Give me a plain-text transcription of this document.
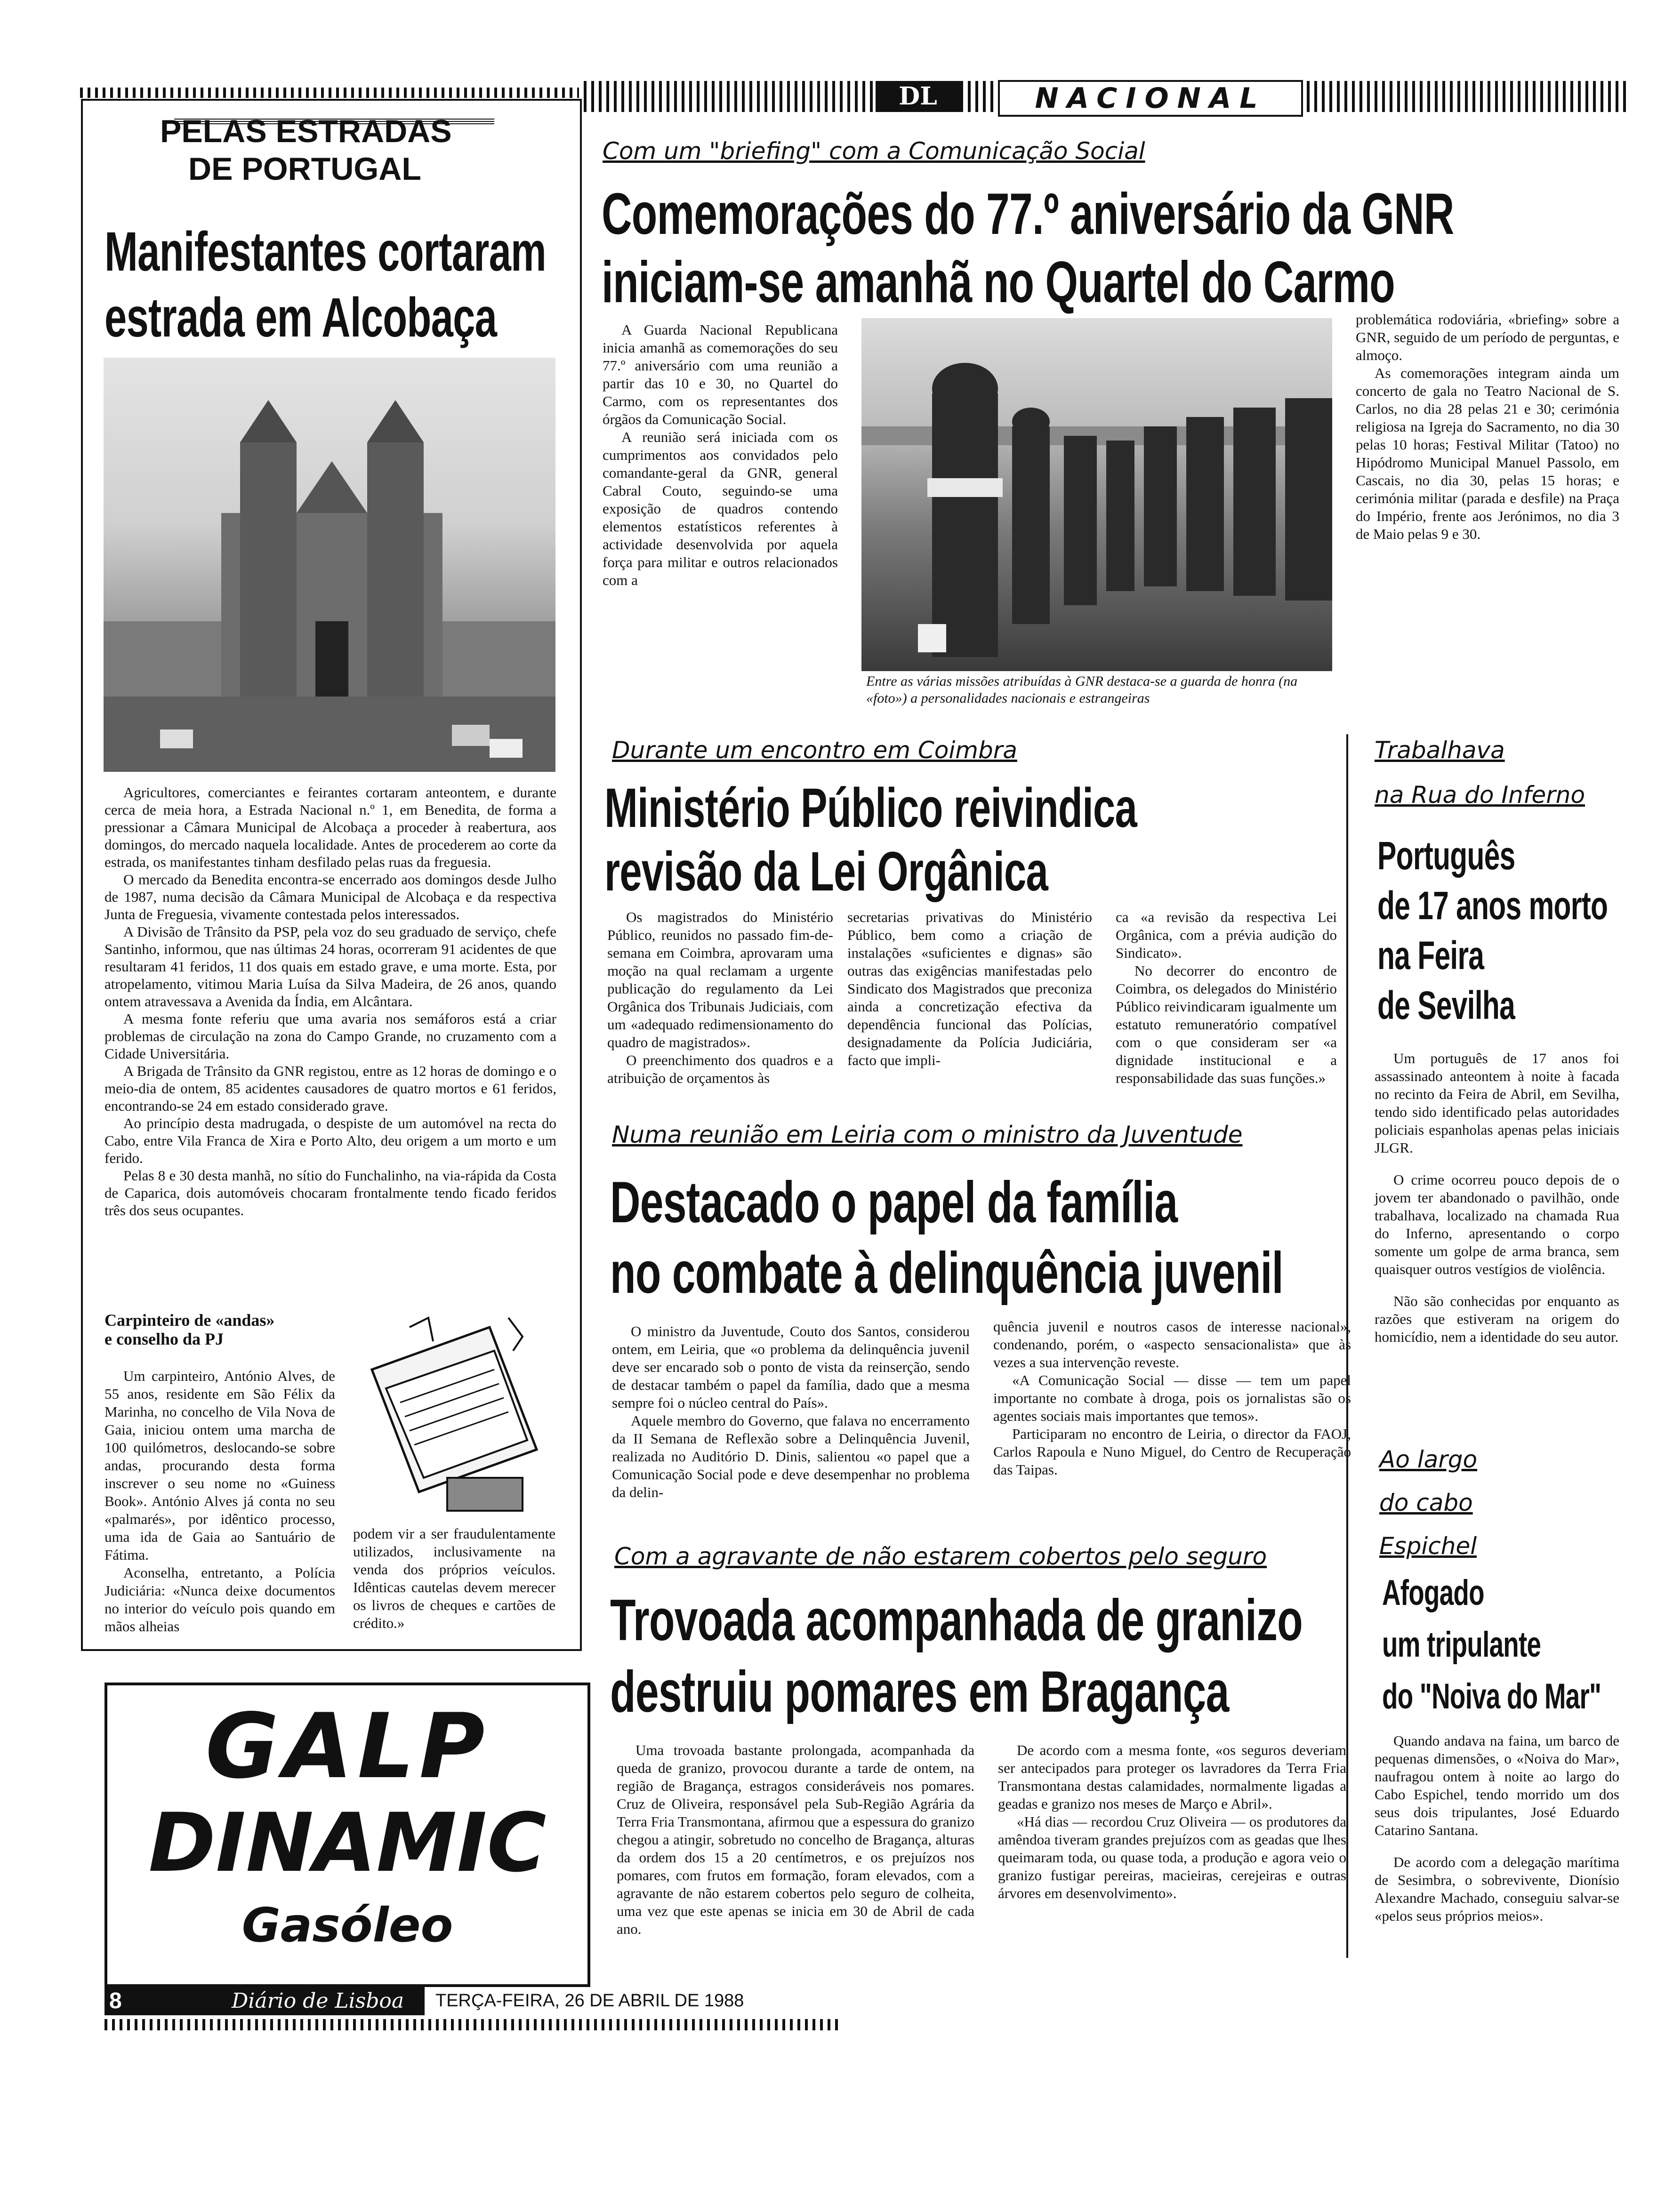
DL	NACIONAL
PELAS ESTRADAS
DE PORTUGAL
Manifestantes cortaram
estrada em Alcobaça

Agricultores, comerciantes e feirantes cortaram anteontem, e durante cerca de meia hora, a Estrada Nacional n.º 1, em Benedita, de forma a pressionar a Câmara Municipal de Alcobaça a proceder à reabertura, aos domingos, do mercado naquela localidade. Antes de procederem ao corte da estrada, os manifestantes tinham desfilado pelas ruas da freguesia.

O mercado da Benedita encontra-se encerrado aos domingos desde Julho de 1987, numa decisão da Câmara Municipal de Alcobaça e da respectiva Junta de Freguesia, vivamente contestada pelos interessados.

A Divisão de Trânsito da PSP, pela voz do seu graduado de serviço, chefe Santinho, informou, que nas últimas 24 horas, ocorreram 91 acidentes de que resultaram 41 feridos, 11 dos quais em estado grave, e uma morte. Esta, por atropelamento, vitimou Maria Luísa da Silva Madeira, de 26 anos, quando ontem atravessava a Avenida da Índia, em Alcântara.

A mesma fonte referiu que uma avaria nos semáforos está a criar problemas de circulação na zona do Campo Grande, no cruzamento com a Cidade Universitária.

A Brigada de Trânsito da GNR registou, entre as 12 horas de domingo e o meio-dia de ontem, 85 acidentes causadores de quatro mortos e 61 feridos, encontrando-se 24 em estado considerado grave.

Ao princípio desta madrugada, o despiste de um automóvel na recta do Cabo, entre Vila Franca de Xira e Porto Alto, deu origem a um morto e um ferido.

Pelas 8 e 30 desta manhã, no sítio do Funchalinho, na via-rápida da Costa de Caparica, dois automóveis chocaram frontalmente tendo ficado feridos três dos seus ocupantes.

Carpinteiro de «andas»
e conselho da PJ

Um carpinteiro, António Alves, de 55 anos, residente em São Félix da Marinha, no concelho de Vila Nova de Gaia, iniciou ontem uma marcha de 100 quilómetros, deslocando-se sobre andas, procurando desta forma inscrever o seu nome no «Guiness Book». António Alves já conta no seu «palmarés», por idêntico processo, uma ida de Gaia ao Santuário de Fátima.

Aconselha, entretanto, a Polícia Judiciária: «Nunca deixe documentos no interior do veículo pois quando em mãos alheias

podem vir a ser fraudulentamente utilizados, inclusivamente na venda dos próprios veículos. Idênticas cautelas devem merecer os livros de cheques e cartões de crédito.»

GALP
DINAMIC
Gasóleo
8	Diário de Lisboa TERÇA-FEIRA, 26 DE ABRIL DE 1988
Com um "briefing" com a Comunicação Social
Comemorações do 77.º aniversário da GNR
iniciam-se amanhã no Quartel do Carmo

A Guarda Nacional Republicana inicia amanhã as comemorações do seu 77.º aniversário com uma reunião a partir das 10 e 30, no Quartel do Carmo, com os representantes dos órgãos da Comunicação Social.

A reunião será iniciada com os cumprimentos aos convidados pelo comandante-geral da GNR, general Cabral Couto, seguindo-se uma exposição de quadros contendo elementos estatísticos referentes à actividade desenvolvida por aquela força para militar e outros relacionados com a

Entre as várias missões atribuídas à GNR destaca-se a guarda de honra (na «foto») a personalidades nacionais e estrangeiras

problemática rodoviária, «briefing» sobre a GNR, seguido de um período de perguntas, e almoço.

As comemorações integram ainda um concerto de gala no Teatro Nacional de S. Carlos, no dia 28 pelas 21 e 30; cerimónia religiosa na Igreja do Sacramento, no dia 30 pelas 10 horas; Festival Militar (Tatoo) no Hipódromo Municipal Manuel Passolo, em Cascais, no dia 30, pelas 15 horas; e cerimónia militar (parada e desfile) na Praça do Império, frente aos Jerónimos, no dia 3 de Maio pelas 9 e 30.

Durante um encontro em Coimbra
Ministério Público reivindica
revisão da Lei Orgânica

Os magistrados do Ministério Público, reunidos no passado fim-de-semana em Coimbra, aprovaram uma moção na qual reclamam a urgente publicação do regulamento da Lei Orgânica dos Tribunais Judiciais, com um «adequado redimensionamento do quadro de magistrados».

O preenchimento dos quadros e a atribuição de orçamentos às

secretarias privativas do Ministério Público, bem como a criação de instalações «suficientes e dignas» são outras das exigências manifestadas pelo Sindicato dos Magistrados que preconiza ainda a concretização efectiva da dependência funcional das Polícias, designadamente da Polícia Judiciária, facto que impli-

ca «a revisão da respectiva Lei Orgânica, com a prévia audição do Sindicato».

No decorrer do encontro de Coimbra, os delegados do Ministério Público reivindicaram igualmente um estatuto remuneratório compatível com o que consideram ser «a dignidade institucional e a responsabilidade das suas funções.»

Numa reunião em Leiria com o ministro da Juventude
Destacado o papel da família
no combate à delinquência juvenil

O ministro da Juventude, Couto dos Santos, considerou ontem, em Leiria, que «o problema da delinquência juvenil deve ser encarado sob o ponto de vista da reinserção, sendo de destacar também o papel da família, dado que a mesma sempre foi o núcleo central do País».

Aquele membro do Governo, que falava no encerramento da II Semana de Reflexão sobre a Delinquência Juvenil, realizada no Auditório D. Dinis, salientou «o papel que a Comunicação Social pode e deve desempenhar no problema da delin-

quência juvenil e noutros casos de interesse nacional», condenando, porém, o «aspecto sensacionalista» que às vezes a sua intervenção reveste.

«A Comunicação Social — disse — tem um papel importante no combate à droga, pois os jornalistas são os agentes sociais mais importantes que temos».

Participaram no encontro de Leiria, o director da FAOJ, Carlos Rapoula e Nuno Miguel, do Centro de Recuperação das Taipas.

Com a agravante de não estarem cobertos pelo seguro
Trovoada acompanhada de granizo
destruiu pomares em Bragança

Uma trovoada bastante prolongada, acompanhada da queda de granizo, provocou durante a tarde de ontem, na região de Bragança, estragos consideráveis nos pomares. Cruz de Oliveira, responsável pela Sub-Região Agrária da Terra Fria Transmontana, afirmou que a espessura do granizo chegou a atingir, sobretudo no concelho de Bragança, alturas da ordem dos 15 a 20 centímetros, e os prejuízos nos pomares, com frutos em formação, foram elevados, com a agravante de não estarem cobertos pelo seguro de colheita, uma vez que este apenas se inicia em 30 de Abril de cada ano.

De acordo com a mesma fonte, «os seguros deveriam ser antecipados para proteger os lavradores da Terra Fria Transmontana destas calamidades, normalmente ligadas a geadas e granizo nos meses de Março e Abril».

«Há dias — recordou Cruz Oliveira — os produtores da amêndoa tiveram grandes prejuízos com as geadas que lhes queimaram toda, ou quase toda, a produção e agora veio o granizo fustigar pereiras, macieiras, cerejeiras e outras árvores em desenvolvimento».

Trabalhava
na Rua do Inferno
Português
de 17 anos morto
na Feira
de Sevilha

Um português de 17 anos foi assassinado anteontem à noite à facada no recinto da Feira de Abril, em Sevilha, tendo sido identificado pelas autoridades policiais espanholas apenas pelas iniciais JLGR.

O crime ocorreu pouco depois de o jovem ter abandonado o pavilhão, onde trabalhava, localizado na chamada Rua do Inferno, apresentando o corpo somente um golpe de arma branca, sem quaisquer outros vestígios de violência.

Não são conhecidas por enquanto as razões que estiveram na origem do homicídio, nem a identidade do seu autor.

Ao largo
do cabo
Espichel
Afogado
um tripulante
do "Noiva do Mar"

Quando andava na faina, um barco de pequenas dimensões, o «Noiva do Mar», naufragou ontem à noite ao largo do Cabo Espichel, tendo morrido um dos seus dois tripulantes, José Eduardo Catarino Santana.

De acordo com a delegação marítima de Sesimbra, o sobrevivente, Dionísio Alexandre Machado, conseguiu salvar-se «pelos seus próprios meios».
